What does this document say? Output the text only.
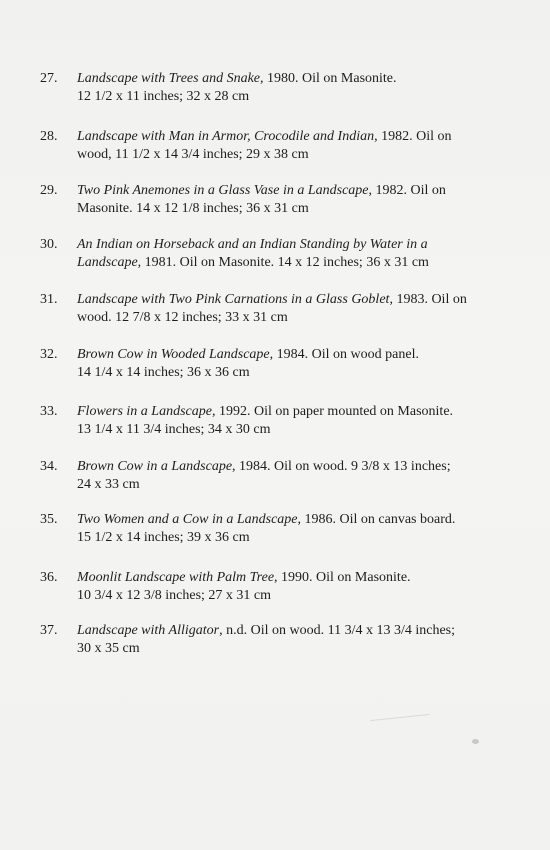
27.	Landscape with Trees and Snake, 1980. Oil on Masonite.
12 1/2 x 11 inches; 32 x 28 cm
28.	Landscape with Man in Armor, Crocodile and Indian, 1982. Oil on
wood, 11 1/2 x 14 3/4 inches; 29 x 38 cm
29.	Two Pink Anemones in a Glass Vase in a Landscape, 1982. Oil on
Masonite. 14 x 12 1/8 inches; 36 x 31 cm
30.	An Indian on Horseback and an Indian Standing by Water in a
Landscape, 1981. Oil on Masonite. 14 x 12 inches; 36 x 31 cm
31.	Landscape with Two Pink Carnations in a Glass Goblet, 1983. Oil on
wood. 12 7/8 x 12 inches; 33 x 31 cm
32.	Brown Cow in Wooded Landscape, 1984. Oil on wood panel.
14 1/4 x 14 inches; 36 x 36 cm
33.	Flowers in a Landscape, 1992. Oil on paper mounted on Masonite.
13 1/4 x 11 3/4 inches; 34 x 30 cm
34.	Brown Cow in a Landscape, 1984. Oil on wood. 9 3/8 x 13 inches;
24 x 33 cm
35.	Two Women and a Cow in a Landscape, 1986. Oil on canvas board.
15 1/2 x 14 inches; 39 x 36 cm
36.	Moonlit Landscape with Palm Tree, 1990. Oil on Masonite.
10 3/4 x 12 3/8 inches; 27 x 31 cm
37.	Landscape with Alligator, n.d. Oil on wood. 11 3/4 x 13 3/4 inches;
30 x 35 cm
